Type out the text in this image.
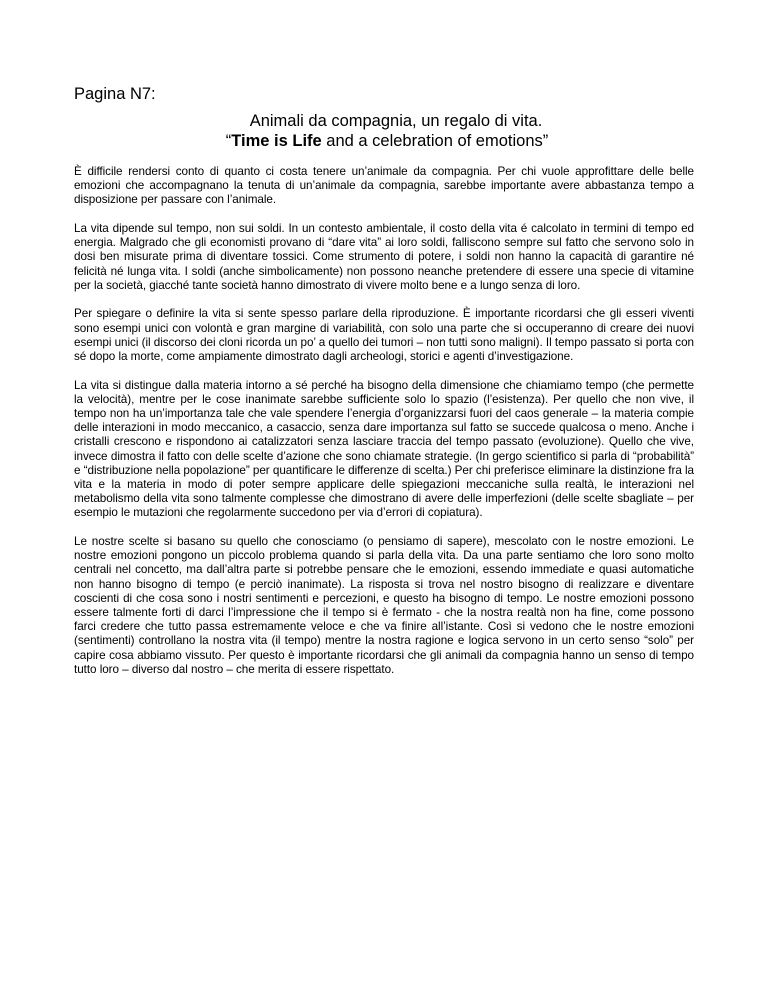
Pagina N7:
Animali da compagnia, un regalo di vita.
“Time is Life and a celebration of emotions”

È difficile rendersi conto di quanto ci costa tenere un’animale da compagnia. Per chi vuole approfittare delle belle emozioni che accompagnano la tenuta di un’animale da compagnia, sarebbe importante avere abbastanza tempo a disposizione per passare con l’animale.

La vita dipende sul tempo, non sui soldi. In un contesto ambientale, il costo della vita é calcolato in termini di tempo ed energia. Malgrado che gli economisti provano di “dare vita” ai loro soldi, falliscono sempre sul fatto che servono solo in dosi ben misurate prima di diventare tossici. Come strumento di potere, i soldi non hanno la capacità di garantire né felicità né lunga vita. I soldi (anche simbolicamente) non possono neanche pretendere di essere una specie di vitamine per la società, giacché tante società hanno dimostrato di vivere molto bene e a lungo senza di loro.

Per spiegare o definire la vita si sente spesso parlare della riproduzione. È importante ricordarsi che gli esseri viventi sono esempi unici con volontà e gran margine di variabilità, con solo una parte che si occuperanno di creare dei nuovi esempi unici (il discorso dei cloni ricorda un po’ a quello dei tumori – non tutti sono maligni). Il tempo passato si porta con sé dopo la morte, come ampiamente dimostrato dagli archeologi, storici e agenti d’investigazione.

La vita si distingue dalla materia intorno a sé perché ha bisogno della dimensione che chiamiamo tempo (che permette la velocità), mentre per le cose inanimate sarebbe sufficiente solo lo spazio (l’esistenza). Per quello che non vive, il tempo non ha un’importanza tale che vale spendere l’energia d’organizzarsi fuori del caos generale – la materia compie delle interazioni in modo meccanico, a casaccio, senza dare importanza sul fatto se succede qualcosa o meno. Anche i cristalli crescono e rispondono ai catalizzatori senza lasciare traccia del tempo passato (evoluzione). Quello che vive, invece dimostra il fatto con delle scelte d’azione che sono chiamate strategie. (In gergo scientifico si parla di “probabilità” e “distribuzione nella popolazione” per quantificare le differenze di scelta.) Per chi preferisce eliminare la distinzione fra la vita e la materia in modo di poter sempre applicare delle spiegazioni meccaniche sulla realtà, le interazioni nel metabolismo della vita sono talmente complesse che dimostrano di avere delle imperfezioni (delle scelte sbagliate – per esempio le mutazioni che regolarmente succedono per via d’errori di copiatura).

Le nostre scelte si basano su quello che conosciamo (o pensiamo di sapere), mescolato con le nostre emozioni. Le nostre emozioni pongono un piccolo problema quando si parla della vita. Da una parte sentiamo che loro sono molto centrali nel concetto, ma dall’altra parte si potrebbe pensare che le emozioni, essendo immediate e quasi automatiche non hanno bisogno di tempo (e perciò inanimate). La risposta si trova nel nostro bisogno di realizzare e diventare coscienti di che cosa sono i nostri sentimenti e percezioni, e questo ha bisogno di tempo. Le nostre emozioni possono essere talmente forti di darci l’impressione che il tempo si è fermato - che la nostra realtà non ha fine, come possono farci credere che tutto passa estremamente veloce e che va finire all’istante. Così si vedono che le nostre emozioni (sentimenti) controllano la nostra vita (il tempo) mentre la nostra ragione e logica servono in un certo senso “solo” per capire cosa abbiamo vissuto. Per questo è importante ricordarsi che gli animali da compagnia hanno un senso di tempo tutto loro – diverso dal nostro – che merita di essere rispettato.
